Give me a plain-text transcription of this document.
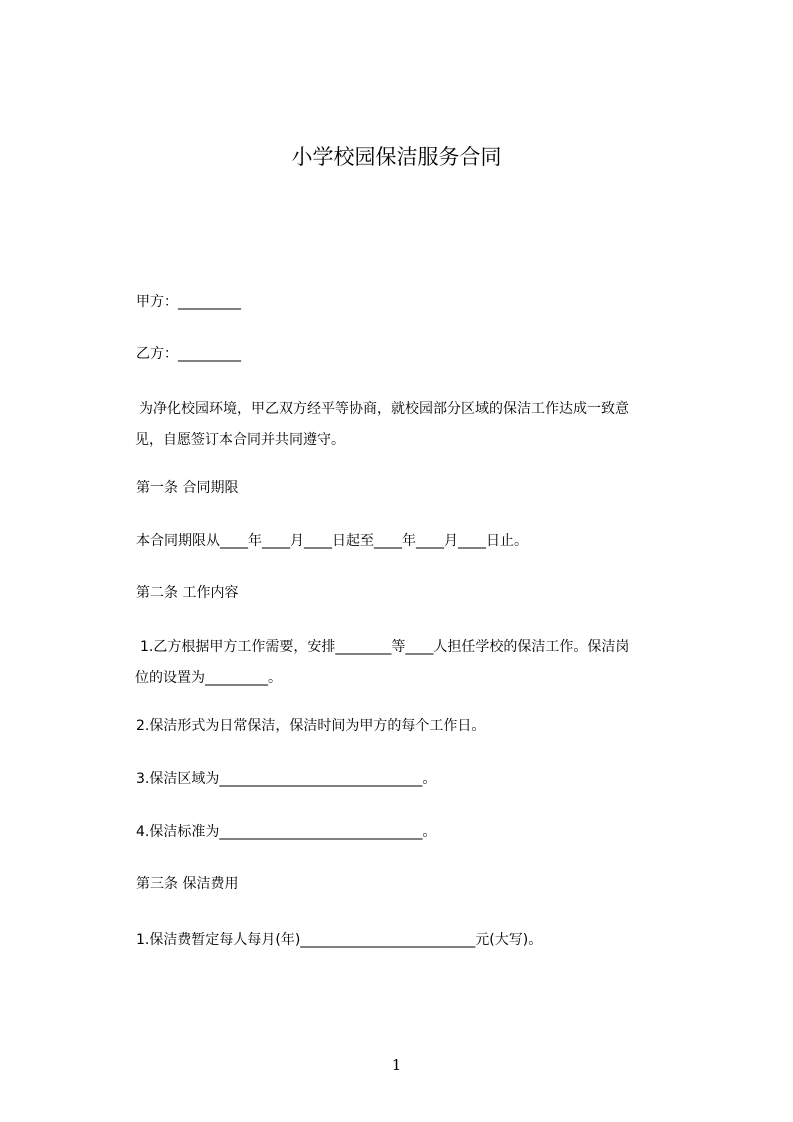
小学校园保洁服务合同

甲方：_________

乙方：_________

为净化校园环境，甲乙双方经平等协商，就校园部分区域的保洁工作达成一致意
见，自愿签订本合同并共同遵守。

第一条 合同期限

本合同期限从____年____月____日起至____年____月____日止。

第二条 工作内容

1.乙方根据甲方工作需要，安排________等____人担任学校的保洁工作。保洁岗
位的设置为_________。

2.保洁形式为日常保洁，保洁时间为甲方的每个工作日。

3.保洁区域为_____________________________。

4.保洁标准为_____________________________。

第三条 保洁费用

1.保洁费暂定每人每月(年)_________________________元(大写)。

1
